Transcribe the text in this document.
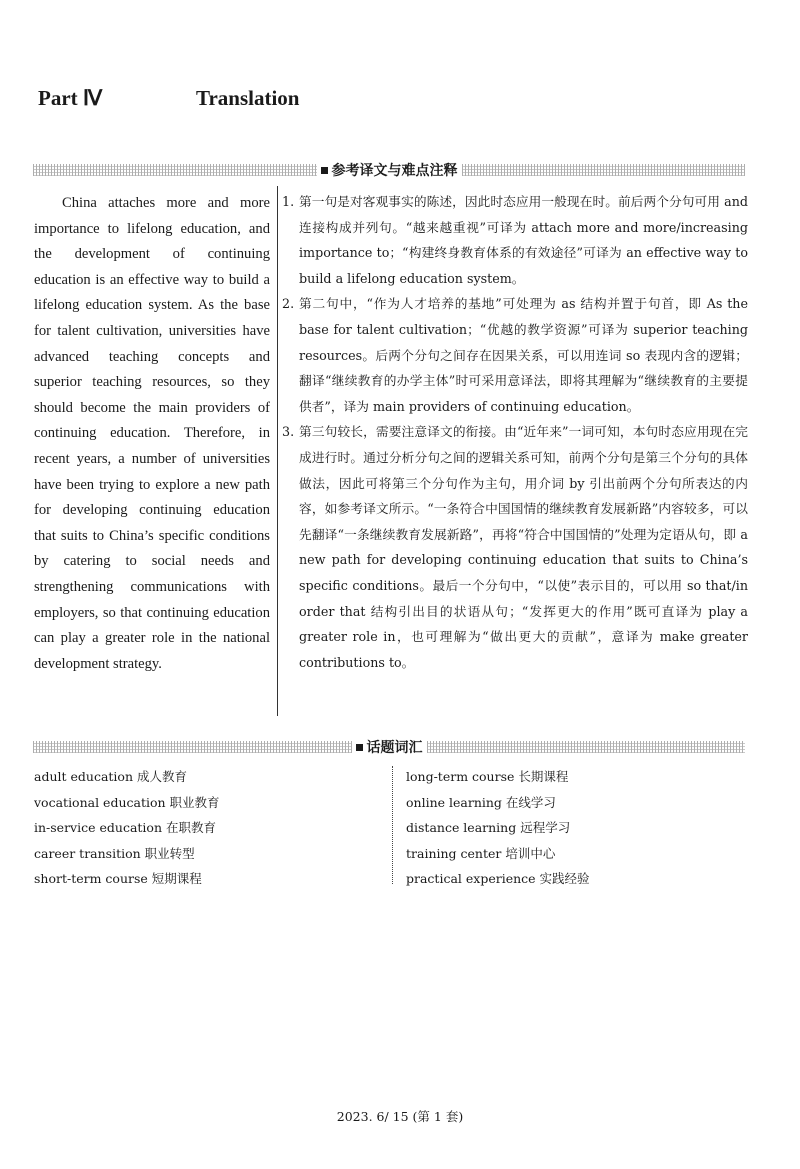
Part Ⅳ	Translation
参考译文与难点注释
China attaches more and more importance to lifelong education, and the development of continuing education is an effective way to build a lifelong education system. As the base for talent cultivation, universities have advanced teaching concepts and superior teaching resources, so they should become the main providers of continuing education. Therefore, in recent years, a number of universities have been trying to explore a new path for developing continuing education that suits to China’s specific conditions by catering to social needs and strengthening communications with employers, so that continuing education can play a greater role in the national development strategy.
1. 第一句是对客观事实的陈述，因此时态应用一般现在时。前后两个分句可用 and 连接构成并列句。“越来越重视”可译为 attach more and more/increasing importance to；“构建终身教育体系的有效途径”可译为 an effective way to build a lifelong education system。
2. 第二句中，“作为人才培养的基地”可处理为 as 结构并置于句首，即 As the base for talent cultivation；“优越的教学资源”可译为 superior teaching resources。后两个分句之间存在因果关系，可以用连词 so 表现内含的逻辑；翻译“继续教育的办学主体”时可采用意译法，即将其理解为“继续教育的主要提供者”，译为 main providers of continuing education。
3. 第三句较长，需要注意译文的衔接。由“近年来”一词可知，本句时态应用现在完成进行时。通过分析分句之间的逻辑关系可知，前两个分句是第三个分句的具体做法，因此可将第三个分句作为主句，用介词 by 引出前两个分句所表达的内容，如参考译文所示。“一条符合中国国情的继续教育发展新路”内容较多，可以先翻译“一条继续教育发展新路”，再将“符合中国国情的”处理为定语从句，即 a new path for developing continuing education that suits to China’s specific conditions。最后一个分句中，“以使”表示目的，可以用 so that/in order that 结构引出目的状语从句；“发挥更大的作用”既可直译为 play a greater role in，也可理解为“做出更大的贡献”，意译为 make greater contributions to。
话题词汇
adult education 成人教育
vocational education 职业教育
in-service education 在职教育
career transition 职业转型
short-term course 短期课程
long-term course 长期课程
online learning 在线学习
distance learning 远程学习
training center 培训中心
practical experience 实践经验
2023. 6/ 15 (第 1 套)
